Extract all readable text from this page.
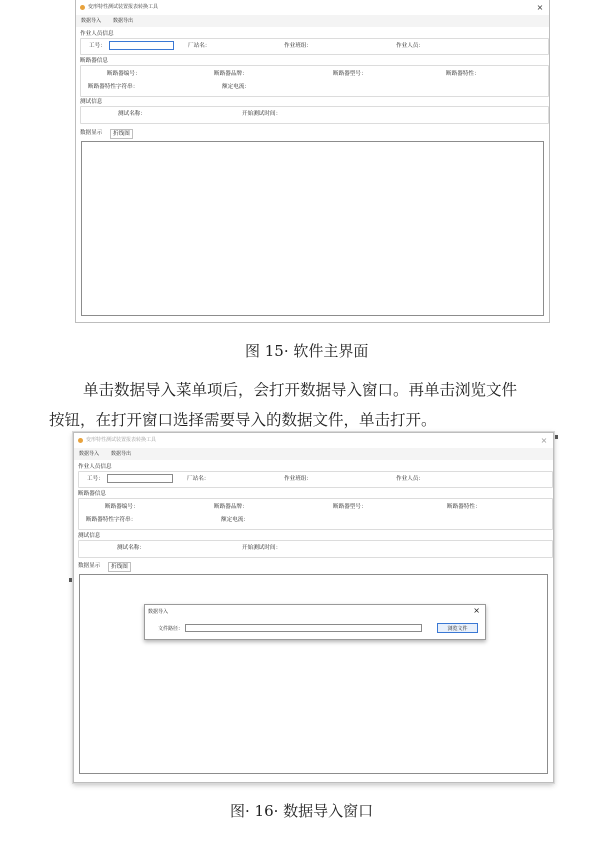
变形特性测试装置报表转换工具	×
数据导入 数据导出
作业人员信息
工号：	厂站名：	作业班组：	作业人员：
断路器信息
断路器编号：	断路器品牌：	断路器型号：	断路器特性：
断路器特性字符串：	额定电流：
测试信息
测试名称：	开始测试时间：
数据显示	折线图
图 15· 软件主界面
单击数据导入菜单项后，会打开数据导入窗口。再单击浏览文件
按钮，在打开窗口选择需要导入的数据文件，单击打开。
变形特性测试装置报表转换工具	×
数据导入 数据导出
作业人员信息
工号：	厂站名：	作业班组：	作业人员：
断路器信息
断路器编号：	断路器品牌：	断路器型号：	断路器特性：
断路器特性字符串：	额定电流：
测试信息
测试名称：	开始测试时间：
数据显示	折线图
数据导入	×
文件路径：	浏览文件
图· 16· 数据导入窗口
